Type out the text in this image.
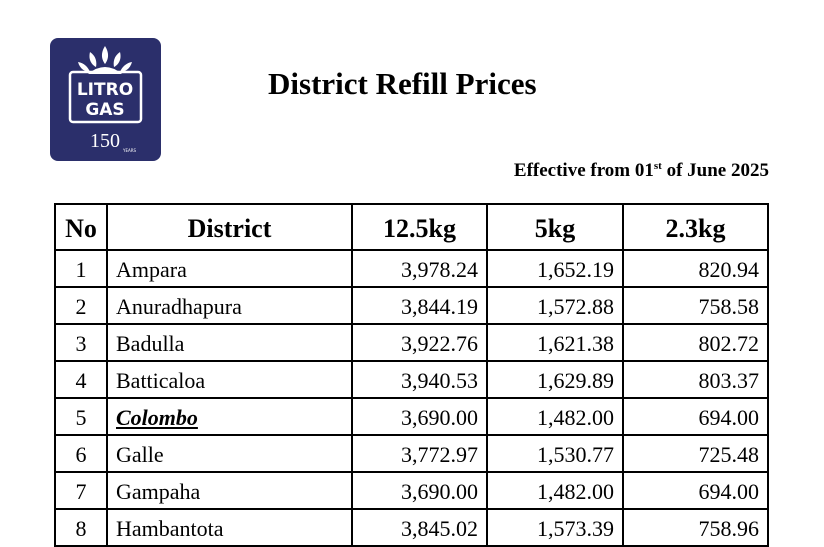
LITRO
GAS
150 YEARS
District Refill Prices
Effective from 01st of June 2025
No	District	12.5kg	5kg	2.3kg
1	Ampara	3,978.24	1,652.19	820.94
2	Anuradhapura	3,844.19	1,572.88	758.58
3	Badulla	3,922.76	1,621.38	802.72
4	Batticaloa	3,940.53	1,629.89	803.37
5	Colombo	3,690.00	1,482.00	694.00
6	Galle	3,772.97	1,530.77	725.48
7	Gampaha	3,690.00	1,482.00	694.00
8	Hambantota	3,845.02	1,573.39	758.96
